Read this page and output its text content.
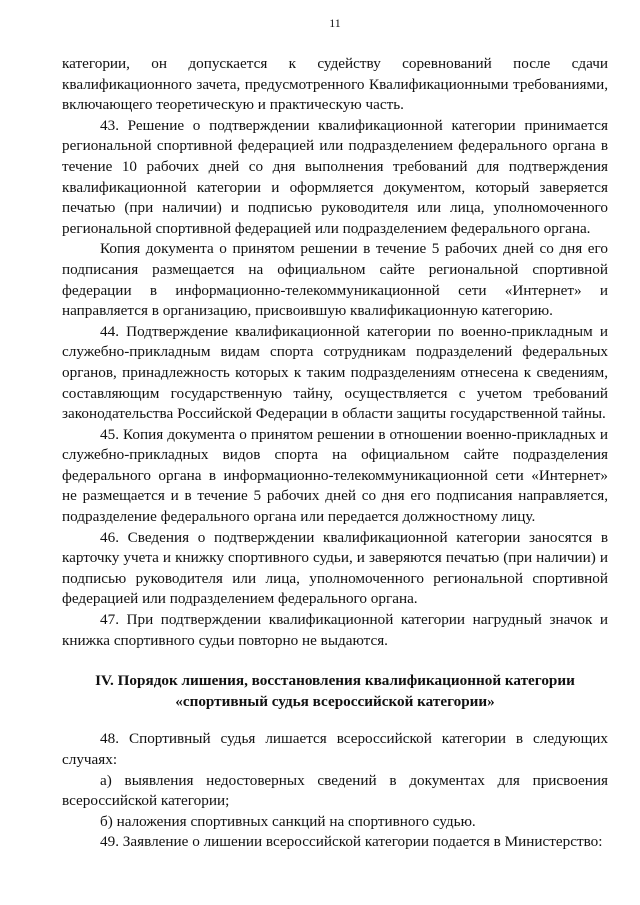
11

категории, он допускается к судейству соревнований после сдачи квалификационного зачета, предусмотренного Квалификационными требованиями, включающего теоретическую и практическую часть.

43. Решение о подтверждении квалификационной категории принимается региональной спортивной федерацией или подразделением федерального органа в течение 10 рабочих дней со дня выполнения требований для подтверждения квалификационной категории и оформляется документом, который заверяется печатью (при наличии) и подписью руководителя или лица, уполномоченного региональной спортивной федерацией или подразделением федерального органа.

Копия документа о принятом решении в течение 5 рабочих дней со дня его подписания размещается на официальном сайте региональной спортивной федерации в информационно-телекоммуникационной сети «Интернет» и направляется в организацию, присвоившую квалификационную категорию.

44. Подтверждение квалификационной категории по военно-прикладным и служебно-прикладным видам спорта сотрудникам подразделений федеральных органов, принадлежность которых к таким подразделениям отнесена к сведениям, составляющим государственную тайну, осуществляется с учетом требований законодательства Российской Федерации в области защиты государственной тайны.

45. Копия документа о принятом решении в отношении военно-прикладных и служебно-прикладных видов спорта на официальном сайте подразделения федерального органа в информационно-телекоммуникационной сети «Интернет» не размещается и в течение 5 рабочих дней со дня его подписания направляется, подразделение федерального органа или передается должностному лицу.

46. Сведения о подтверждении квалификационной категории заносятся в карточку учета и книжку спортивного судьи, и заверяются печатью (при наличии) и подписью руководителя или лица, уполномоченного региональной спортивной федерацией или подразделением федерального органа.

47. При подтверждении квалификационной категории нагрудный значок и книжка спортивного судьи повторно не выдаются.

IV. Порядок лишения, восстановления квалификационной категории
«спортивный судья всероссийской категории»

48. Спортивный судья лишается всероссийской категории в следующих случаях:

а) выявления недостоверных сведений в документах для присвоения всероссийской категории;

б) наложения спортивных санкций на спортивного судью.

49. Заявление о лишении всероссийской категории подается в Министерство:
